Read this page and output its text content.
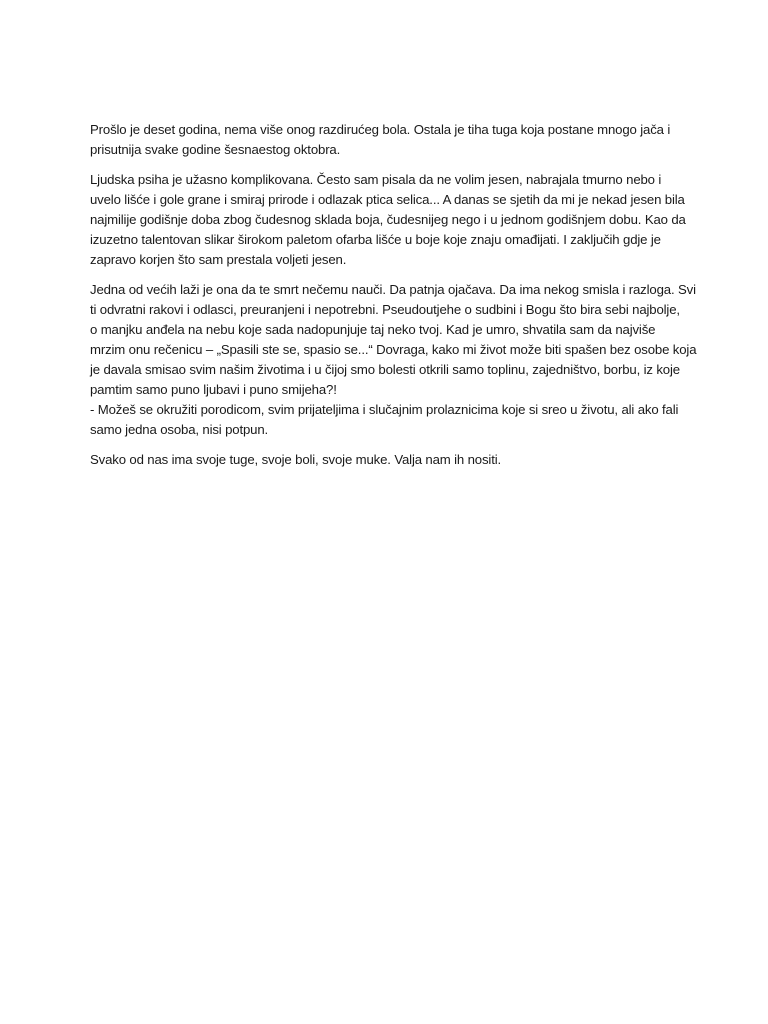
Prošlo je deset godina, nema više onog razdirućeg bola. Ostala je tiha tuga koja postane mnogo jača i
prisutnija svake godine šesnaestog oktobra.

Ljudska psiha je užasno komplikovana. Često sam pisala da ne volim jesen, nabrajala tmurno nebo i
uvelo lišće i gole grane i smiraj prirode i odlazak ptica selica... A danas se sjetih da mi je nekad jesen bila
najmilije godišnje doba zbog čudesnog sklada boja, čudesnijeg nego i u jednom godišnjem dobu. Kao da
izuzetno talentovan slikar širokom paletom ofarba lišće u boje koje znaju omađijati. I zaključih gdje je
zapravo korjen što sam prestala voljeti jesen.

Jedna od većih laži je ona da te smrt nečemu nauči. Da patnja ojačava. Da ima nekog smisla i razloga. Svi
ti odvratni rakovi i odlasci, preuranjeni i nepotrebni. Pseudoutjehe o sudbini i Bogu što bira sebi najbolje,
o manjku anđela na nebu koje sada nadopunjuje taj neko tvoj. Kad je umro, shvatila sam da najviše
mrzim onu rečenicu – „Spasili ste se, spasio se...“ Dovraga, kako mi život može biti spašen bez osobe koja
je davala smisao svim našim životima i u čijoj smo bolesti otkrili samo toplinu, zajedništvo, borbu, iz koje
pamtim samo puno ljubavi i puno smijeha?!
- Možeš se okružiti porodicom, svim prijateljima i slučajnim prolaznicima koje si sreo u životu, ali ako fali
samo jedna osoba, nisi potpun.

Svako od nas ima svoje tuge, svoje boli, svoje muke. Valja nam ih nositi.
